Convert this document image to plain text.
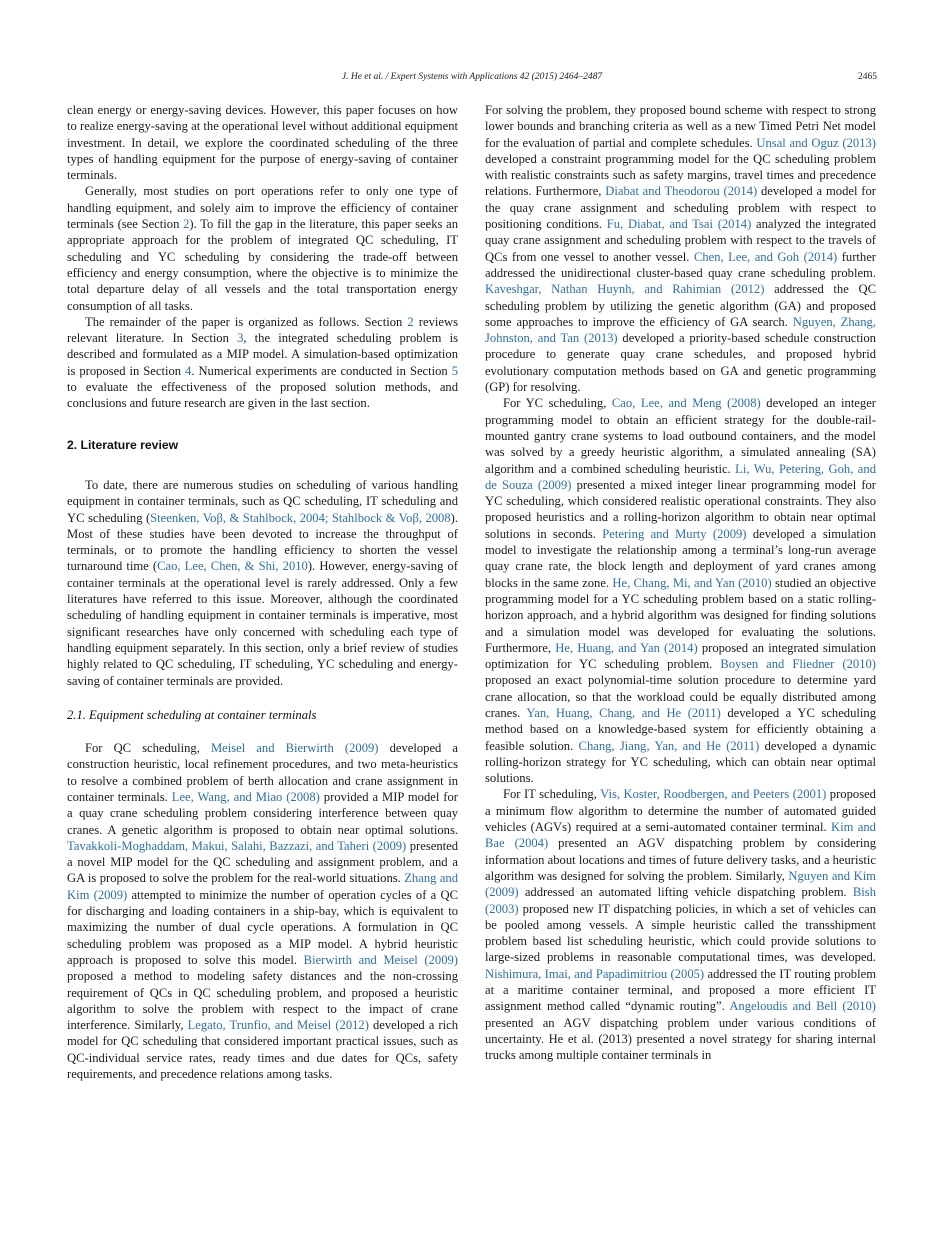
J. He et al. / Expert Systems with Applications 42 (2015) 2464–2487	2465

clean energy or energy-saving devices. However, this paper focuses on how to realize energy-saving at the operational level without additional equipment investment. In detail, we explore the coordinated scheduling of the three types of handling equipment for the purpose of energy-saving of container terminals.

Generally, most studies on port operations refer to only one type of handling equipment, and solely aim to improve the efficiency of container terminals (see Section 2). To fill the gap in the literature, this paper seeks an appropriate approach for the problem of integrated QC scheduling, IT scheduling and YC scheduling by considering the trade-off between efficiency and energy consumption, where the objective is to minimize the total departure delay of all vessels and the total transportation energy consumption of all tasks.

The remainder of the paper is organized as follows. Section 2 reviews relevant literature. In Section 3, the integrated scheduling problem is described and formulated as a MIP model. A simulation-based optimization is proposed in Section 4. Numerical experiments are conducted in Section 5 to evaluate the effectiveness of the proposed solution methods, and conclusions and future research are given in the last section.

2. Literature review

To date, there are numerous studies on scheduling of various handling equipment in container terminals, such as QC scheduling, IT scheduling and YC scheduling (Steenken, Voβ, & Stahlbock, 2004; Stahlbock & Voβ, 2008). Most of these studies have been devoted to increase the throughput of terminals, or to promote the handling efficiency to shorten the vessel turnaround time (Cao, Lee, Chen, & Shi, 2010). However, energy-saving of container terminals at the operational level is rarely addressed. Only a few literatures have referred to this issue. Moreover, although the coordinated scheduling of handling equipment in container terminals is imperative, most significant researches have only concerned with scheduling each type of handling equipment separately. In this section, only a brief review of studies highly related to QC scheduling, IT scheduling, YC scheduling and energy-saving of container terminals are provided.

2.1. Equipment scheduling at container terminals

For QC scheduling, Meisel and Bierwirth (2009) developed a construction heuristic, local refinement procedures, and two meta-heuristics to resolve a combined problem of berth allocation and crane assignment in container terminals. Lee, Wang, and Miao (2008) provided a MIP model for a quay crane scheduling problem considering interference between quay cranes. A genetic algorithm is proposed to obtain near optimal solutions. Tavakkoli-Moghaddam, Makui, Salahi, Bazzazi, and Taheri (2009) presented a novel MIP model for the QC scheduling and assignment problem, and a GA is proposed to solve the problem for the real-world situations. Zhang and Kim (2009) attempted to minimize the number of operation cycles of a QC for discharging and loading containers in a ship-bay, which is equivalent to maximizing the number of dual cycle operations. A formulation in QC scheduling problem was proposed as a MIP model. A hybrid heuristic approach is proposed to solve this model. Bierwirth and Meisel (2009) proposed a method to modeling safety distances and the non-crossing requirement of QCs in QC scheduling problem, and proposed a heuristic algorithm to solve the problem with respect to the impact of crane interference. Similarly, Legato, Trunfio, and Meisel (2012) developed a rich model for QC scheduling that considered important practical issues, such as QC-individual service rates, ready times and due dates for QCs, safety requirements, and precedence relations among tasks.

For solving the problem, they proposed bound scheme with respect to strong lower bounds and branching criteria as well as a new Timed Petri Net model for the evaluation of partial and complete schedules. Unsal and Oguz (2013) developed a constraint programming model for the QC scheduling problem with realistic constraints such as safety margins, travel times and precedence relations. Furthermore, Diabat and Theodorou (2014) developed a model for the quay crane assignment and scheduling problem with respect to positioning conditions. Fu, Diabat, and Tsai (2014) analyzed the integrated quay crane assignment and scheduling problem with respect to the travels of QCs from one vessel to another vessel. Chen, Lee, and Goh (2014) further addressed the unidirectional cluster-based quay crane scheduling problem. Kaveshgar, Nathan Huynh, and Rahimian (2012) addressed the QC scheduling problem by utilizing the genetic algorithm (GA) and proposed some approaches to improve the efficiency of GA search. Nguyen, Zhang, Johnston, and Tan (2013) developed a priority-based schedule construction procedure to generate quay crane schedules, and proposed hybrid evolutionary computation methods based on GA and genetic programming (GP) for resolving.

For YC scheduling, Cao, Lee, and Meng (2008) developed an integer programming model to obtain an efficient strategy for the double-rail-mounted gantry crane systems to load outbound containers, and the model was solved by a greedy heuristic algorithm, a simulated annealing (SA) algorithm and a combined scheduling heuristic. Li, Wu, Petering, Goh, and de Souza (2009) presented a mixed integer linear programming model for YC scheduling, which considered realistic operational constraints. They also proposed heuristics and a rolling-horizon algorithm to obtain near optimal solutions in seconds. Petering and Murty (2009) developed a simulation model to investigate the relationship among a terminal’s long-run average quay crane rate, the block length and deployment of yard cranes among blocks in the same zone. He, Chang, Mi, and Yan (2010) studied an objective programming model for a YC scheduling problem based on a static rolling-horizon approach, and a hybrid algorithm was designed for finding solutions and a simulation model was developed for evaluating the solutions. Furthermore, He, Huang, and Yan (2014) proposed an integrated simulation optimization for YC scheduling problem. Boysen and Fliedner (2010) proposed an exact polynomial-time solution procedure to determine yard crane allocation, so that the workload could be equally distributed among cranes. Yan, Huang, Chang, and He (2011) developed a YC scheduling method based on a knowledge-based system for efficiently obtaining a feasible solution. Chang, Jiang, Yan, and He (2011) developed a dynamic rolling-horizon strategy for YC scheduling, which can obtain near optimal solutions.

For IT scheduling, Vis, Koster, Roodbergen, and Peeters (2001) proposed a minimum flow algorithm to determine the number of automated guided vehicles (AGVs) required at a semi-automated container terminal. Kim and Bae (2004) presented an AGV dispatching problem by considering information about locations and times of future delivery tasks, and a heuristic algorithm was designed for solving the problem. Similarly, Nguyen and Kim (2009) addressed an automated lifting vehicle dispatching problem. Bish (2003) proposed new IT dispatching policies, in which a set of vehicles can be pooled among vessels. A simple heuristic called the transshipment problem based list scheduling heuristic, which could provide solutions to large-sized problems in reasonable computational times, was developed. Nishimura, Imai, and Papadimitriou (2005) addressed the IT routing problem at a maritime container terminal, and proposed a more efficient IT assignment method called “dynamic routing”. Angeloudis and Bell (2010) presented an AGV dispatching problem under various conditions of uncertainty. He et al. (2013) presented a novel strategy for sharing internal trucks among multiple container terminals in
